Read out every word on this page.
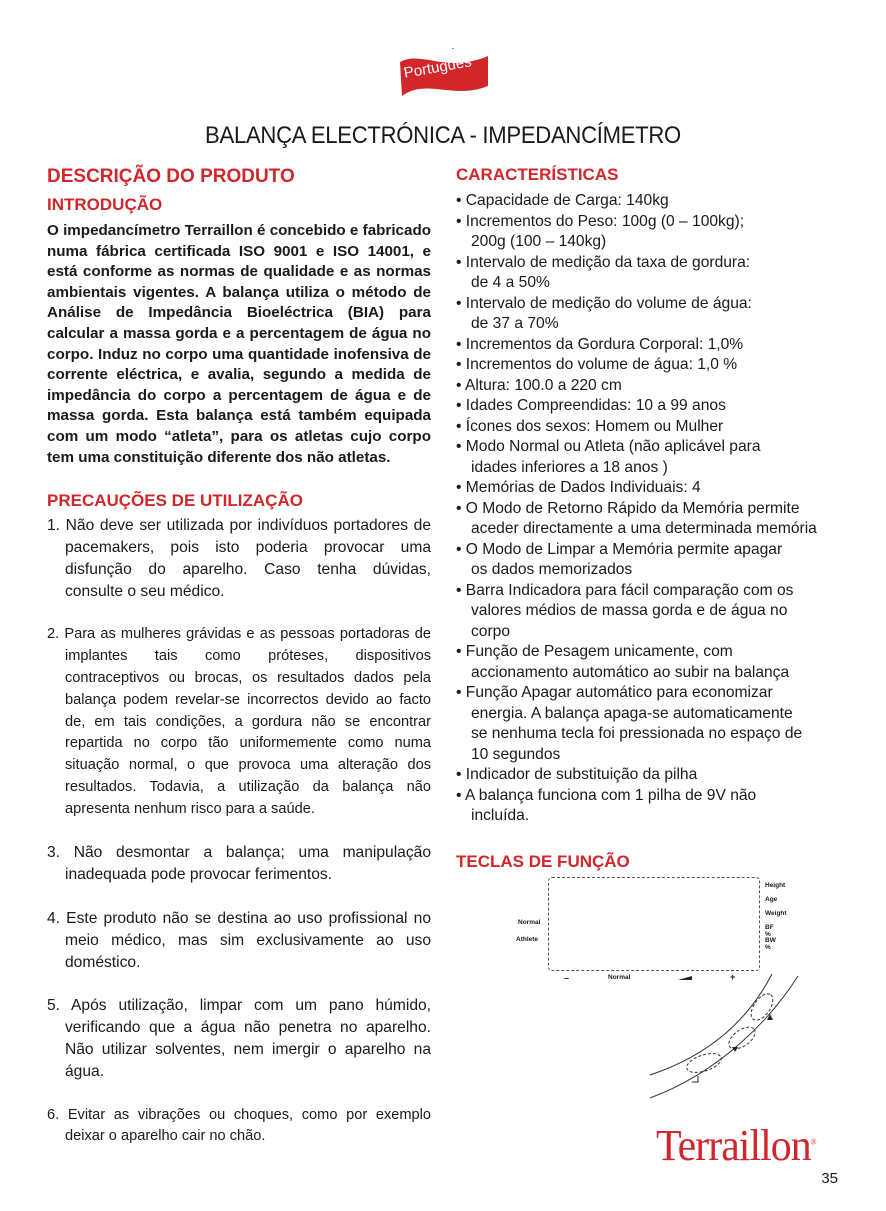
Portugues
BALANÇA ELECTRÓNICA - IMPEDANCÍMETRO
DESCRIÇÃO DO PRODUTO
INTRODUÇÃO

O impedancímetro Terraillon é concebido e fabricado numa fábrica certificada ISO 9001 e ISO 14001, e está conforme as normas de qualidade e as normas ambientais vigentes. A balança utiliza o método de Análise de Impedância Bioeléctrica (BIA) para calcular a massa gorda e a percentagem de água no corpo. Induz no corpo uma quantidade inofensiva de corrente eléctrica, e avalia, segundo a medida de impedância do corpo a percentagem de água e de massa gorda. Esta balança está também equipada com um modo “atleta”, para os atletas cujo corpo tem uma constituição diferente dos não atletas.

PRECAUÇÕES DE UTILIZAÇÃO
1. Não deve ser utilizada por indivíduos portadores de pacemakers, pois isto poderia provocar uma disfunção do aparelho. Caso tenha dúvidas, consulte o seu médico.
2. Para as mulheres grávidas e as pessoas portadoras de implantes tais como próteses, dispositivos contraceptivos ou brocas, os resultados dados pela balança podem revelar-se incorrectos devido ao facto de, em tais condições, a gordura não se encontrar repartida no corpo tão uniformemente como numa situação normal, o que provoca uma alteração dos resultados. Todavia, a utilização da balança não apresenta nenhum risco para a saúde.
3. Não desmontar a balança; uma manipulação inadequada pode provocar ferimentos.
4. Este produto não se destina ao uso profissional no meio médico, mas sim exclusivamente ao uso doméstico.
5. Após utilização, limpar com um pano húmido, verificando que a água não penetra no aparelho. Não utilizar solventes, nem imergir o aparelho na água.
6. Evitar as vibrações ou choques, como por exemplo deixar o aparelho cair no chão.
CARACTERÍSTICAS
• Capacidade de Carga: 140kg
• Incrementos do Peso: 100g (0 – 100kg);
200g (100 – 140kg)
• Intervalo de medição da taxa de gordura:
de 4 a 50%
• Intervalo de medição do volume de água:
de 37 a 70%
• Incrementos da Gordura Corporal: 1,0%
• Incrementos do volume de água: 1,0 %
• Altura: 100.0 a 220 cm
• Idades Compreendidas: 10 a 99 anos
• Ícones dos sexos: Homem ou Mulher
• Modo Normal ou Atleta (não aplicável para
idades inferiores a 18 anos )
• Memórias de Dados Individuais: 4
• O Modo de Retorno Rápido da Memória permite
aceder directamente a uma determinada memória
• O Modo de Limpar a Memória permite apagar
os dados memorizados
• Barra Indicadora para fácil comparação com os
valores médios de massa gorda e de água no
corpo
• Função de Pesagem unicamente, com
accionamento automático ao subir na balança
• Função Apagar automático para economizar
energia. A balança apaga-se automaticamente
se nenhuma tecla foi pressionada no espaço de
10 segundos
• Indicador de substituição da pilha
• A balança funciona com 1 pilha de 9V não
incluída.
TECLAS DE FUNÇÃO
Height
Age
Weight
BF %
BW %
Normal
Athlete
–	Normal	+
Terraillon®
35
